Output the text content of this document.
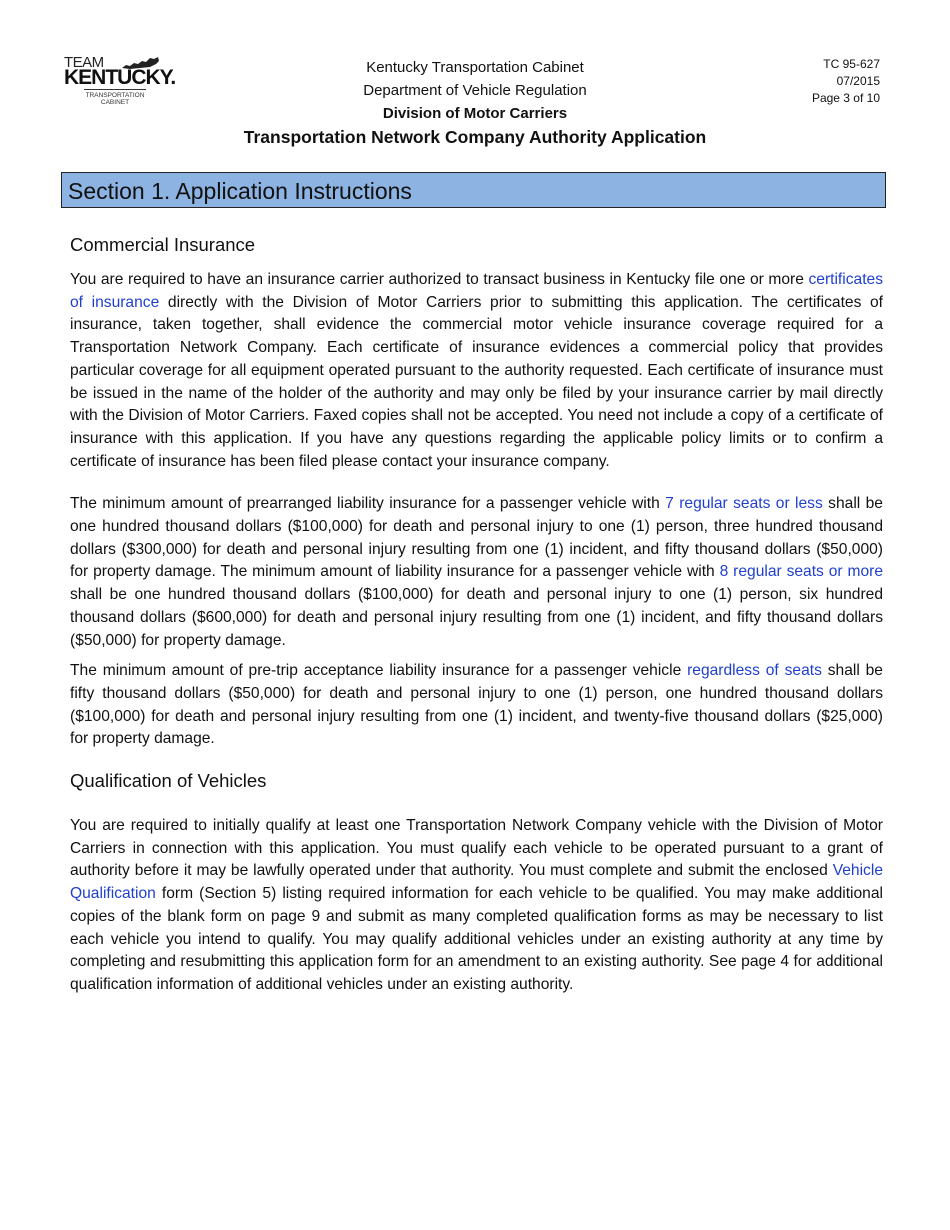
TEAM
KENTUCKY.
TRANSPORTATION
CABINET
Kentucky Transportation Cabinet
Department of Vehicle Regulation
Division of Motor Carriers
Transportation Network Company Authority Application
TC 95-627
07/2015
Page 3 of 10
Section 1. Application Instructions
Commercial Insurance

You are required to have an insurance carrier authorized to transact business in Kentucky file one or more certificates of insurance directly with the Division of Motor Carriers prior to submitting this application. The certificates of insurance, taken together, shall evidence the commercial motor vehicle insurance coverage required for a Transportation Network Company. Each certificate of insurance evidences a commercial policy that provides particular coverage for all equipment operated pursuant to the authority requested. Each certificate of insurance must be issued in the name of the holder of the authority and may only be filed by your insurance carrier by mail directly with the Division of Motor Carriers. Faxed copies shall not be accepted. You need not include a copy of a certificate of insurance with this application. If you have any questions regarding the applicable policy limits or to confirm a certificate of insurance has been filed please contact your insurance company.

The minimum amount of prearranged liability insurance for a passenger vehicle with 7 regular seats or less shall be one hundred thousand dollars ($100,000) for death and personal injury to one (1) person, three hundred thousand dollars ($300,000) for death and personal injury resulting from one (1) incident, and fifty thousand dollars ($50,000) for property damage. The minimum amount of liability insurance for a passenger vehicle with 8 regular seats or more shall be one hundred thousand dollars ($100,000) for death and personal injury to one (1) person, six hundred thousand dollars ($600,000) for death and personal injury resulting from one (1) incident, and fifty thousand dollars ($50,000) for property damage.

The minimum amount of pre-trip acceptance liability insurance for a passenger vehicle regardless of seats shall be fifty thousand dollars ($50,000) for death and personal injury to one (1) person, one hundred thousand dollars ($100,000) for death and personal injury resulting from one (1) incident, and twenty-five thousand dollars ($25,000) for property damage.

Qualification of Vehicles

You are required to initially qualify at least one Transportation Network Company vehicle with the Division of Motor Carriers in connection with this application. You must qualify each vehicle to be operated pursuant to a grant of authority before it may be lawfully operated under that authority. You must complete and submit the enclosed Vehicle Qualification form (Section 5) listing required information for each vehicle to be qualified. You may make additional copies of the blank form on page 9 and submit as many completed qualification forms as may be necessary to list each vehicle you intend to qualify. You may qualify additional vehicles under an existing authority at any time by completing and resubmitting this application form for an amendment to an existing authority. See page 4 for additional qualification information of additional vehicles under an existing authority.
